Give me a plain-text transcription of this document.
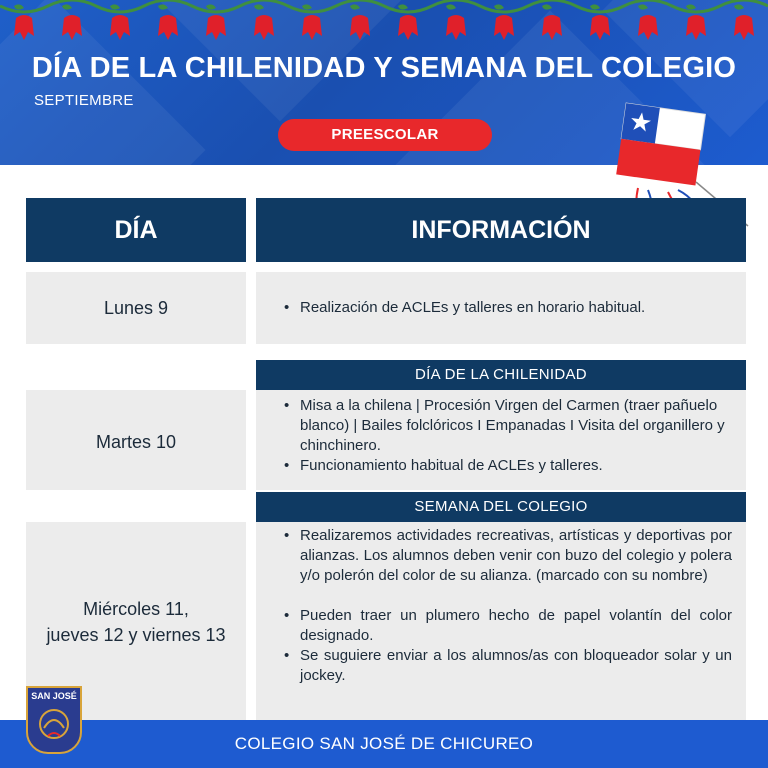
DÍA DE LA CHILENIDAD Y SEMANA DEL COLEGIO
SEPTIEMBRE
PREESCOLAR
DÍA	INFORMACIÓN
Lunes 9
•	Realización de ACLEs y talleres en horario habitual.
DÍA DE LA CHILENIDAD
Martes 10
• Misa a la chilena | Procesión Virgen del Carmen (traer pañuelo blanco) | Bailes folclóricos I Empanadas I Visita del organillero y chinchinero.
• Funcionamiento habitual de ACLEs y talleres.
SEMANA DEL COLEGIO
Miércoles 11,
jueves 12 y viernes 13
• Realizaremos actividades recreativas, artísticas y deportivas por alianzas. Los alumnos deben venir con buzo del colegio y polera y/o polerón del color de su alianza. (marcado con su nombre)
• Pueden traer un plumero hecho de papel volantín del color designado.
• Se suguiere enviar a los alumnos/as con bloqueador solar y un jockey.
COLEGIO SAN JOSÉ DE CHICUREO
SAN JOSÉ
